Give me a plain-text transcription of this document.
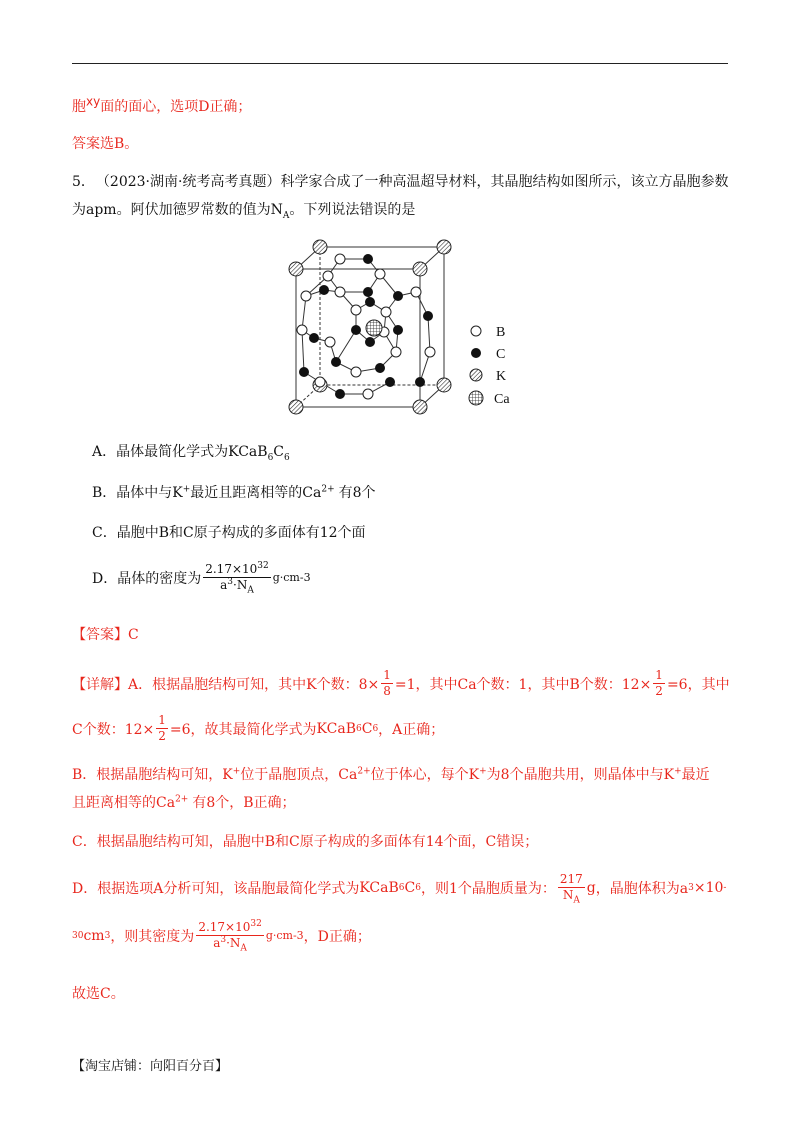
胞$^{xy}$面的面心，选项D正确；
答案选B。
5． （2023·湖南·统考高考真题）科学家合成了一种高温超导材料，其晶胞结构如图所示，该立方晶胞参数
为apm。阿伏加德罗常数的值为$N_A$。下列说法错误的是
B
C
K
Ca
A．晶体最简化学式为$KCaB_6C_6$
B．晶体中与K+最近且距离相等的$Ca^{2+}$ 有8个
C．晶胞中B和C原子构成的多面体有12个面
D．晶体的密度为 $\frac{2.17\times 10^{32}}{a^3\cdot N_A} g\cdot cm$ -3
【答案】C
【详解】A．根据晶胞结构可知，其中K个数：$8\times \frac{1}{8} =1$，其中Ca个数：1，其中B个数：$12\times \frac{1}{2} =6$，其中
C个数：$12\times \frac{1}{2} =6$，故其最简化学式为 KCaB 6 C 6 ，A正确；
B．根据晶胞结构可知，K+位于晶胞顶点，$Ca^{2+}$位于体心，每个K+为8个晶胞共用，则晶体中与K+最近
且距离相等的$Ca^{2+}$ 有8个，B正确；
C．根据晶胞结构可知，晶胞中B和C原子构成的多面体有14个面，C错误；
D．根据选项A分析可知，该晶胞最简化学式为 KCaB 6 C 6 ，则1个晶胞质量为： $\frac{217}{N_A}$ g ，晶胞体积为a 3 ×10 -
30 cm 3 ，则其密度为 $\frac{2.17\times 10^{32}}{a^3\cdot N_A} g\cdot cm$ -3 ，D正确；
故选C。
【淘宝店铺：向阳百分百】
